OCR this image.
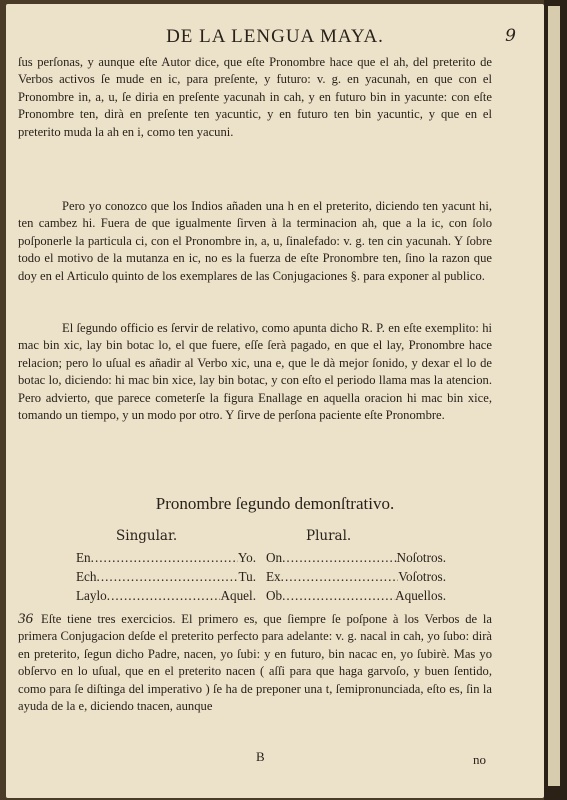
DE LA LENGUA MAYA.	9

ſus perſonas, y aunque eſte Autor dice, que eſte Pronombre hace que el ah, del preterito de Verbos activos ſe mude en ic, para preſente, y futuro: v. g. en yacunah, en que con el Pronombre in, a, u, ſe diria en preſente yacunah in cah, y en futuro bin in yacunte: con eſte Pronombre ten, dirà en preſente ten yacuntic, y en futuro ten bin yacuntic, y que en el preterito muda la ah en i, como ten yacuni.

Pero yo conozco que los Indios añaden una h en el preterito, diciendo ten yacunt hi, ten cambez hi. Fuera de que igualmente ſirven à la terminacion ah, que a la ic, con ſolo poſponerle la particula ci, con el Pronombre in, a, u, ſinalefado: v. g. ten cin yacunah. Y ſobre todo el motivo de la mutanza en ic, no es la fuerza de eſte Pronombre ten, ſino la razon que doy en el Articulo quinto de los exemplares de las Conjugaciones §. para exponer al publico.

El ſegundo officio es ſervir de relativo, como apunta dicho R. P. en eſte exemplito: hi mac bin xic, lay bin botac lo, el que fuere, eſſe ſerà pagado, en que el lay, Pronombre hace relacion; pero lo uſual es añadir al Verbo xic, una e, que le dà mejor ſonido, y dexar el lo de botac lo, diciendo: hi mac bin xice, lay bin botac, y con eſto el periodo llama mas la atencion. Pero advierto, que parece cometerſe la figura Enallage en aquella oracion hi mac bin xice, tomando un tiempo, y un modo por otro. Y ſirve de perſona paciente eſte Pronombre.

Pronombre ſegundo demonſtrativo.
Singular.
En .....	Yo.
Ech .....	Tu.
Laylo .....	Aquel.
Plural.
On .....	Noſotros.
Ex .....	Voſotros.
Ob .....	Aquellos.

36 Eſte tiene tres exercicios. El primero es, que ſiempre ſe poſpone à los Verbos de la primera Conjugacion deſde el preterito perfecto para adelante: v. g. nacal in cah, yo ſubo: dirà en preterito, ſegun dicho Padre, nacen, yo ſubi: y en futuro, bin nacac en, yo ſubirè. Mas yo obſervo en lo uſual, que en el preterito nacen ( aſſi para que haga garvoſo, y buen ſentido, como para ſe diſtinga del imperativo ) ſe ha de preponer una t, ſemipronunciada, eſto es, ſin la ayuda de la e, diciendo tnacen, aunque

B	no
